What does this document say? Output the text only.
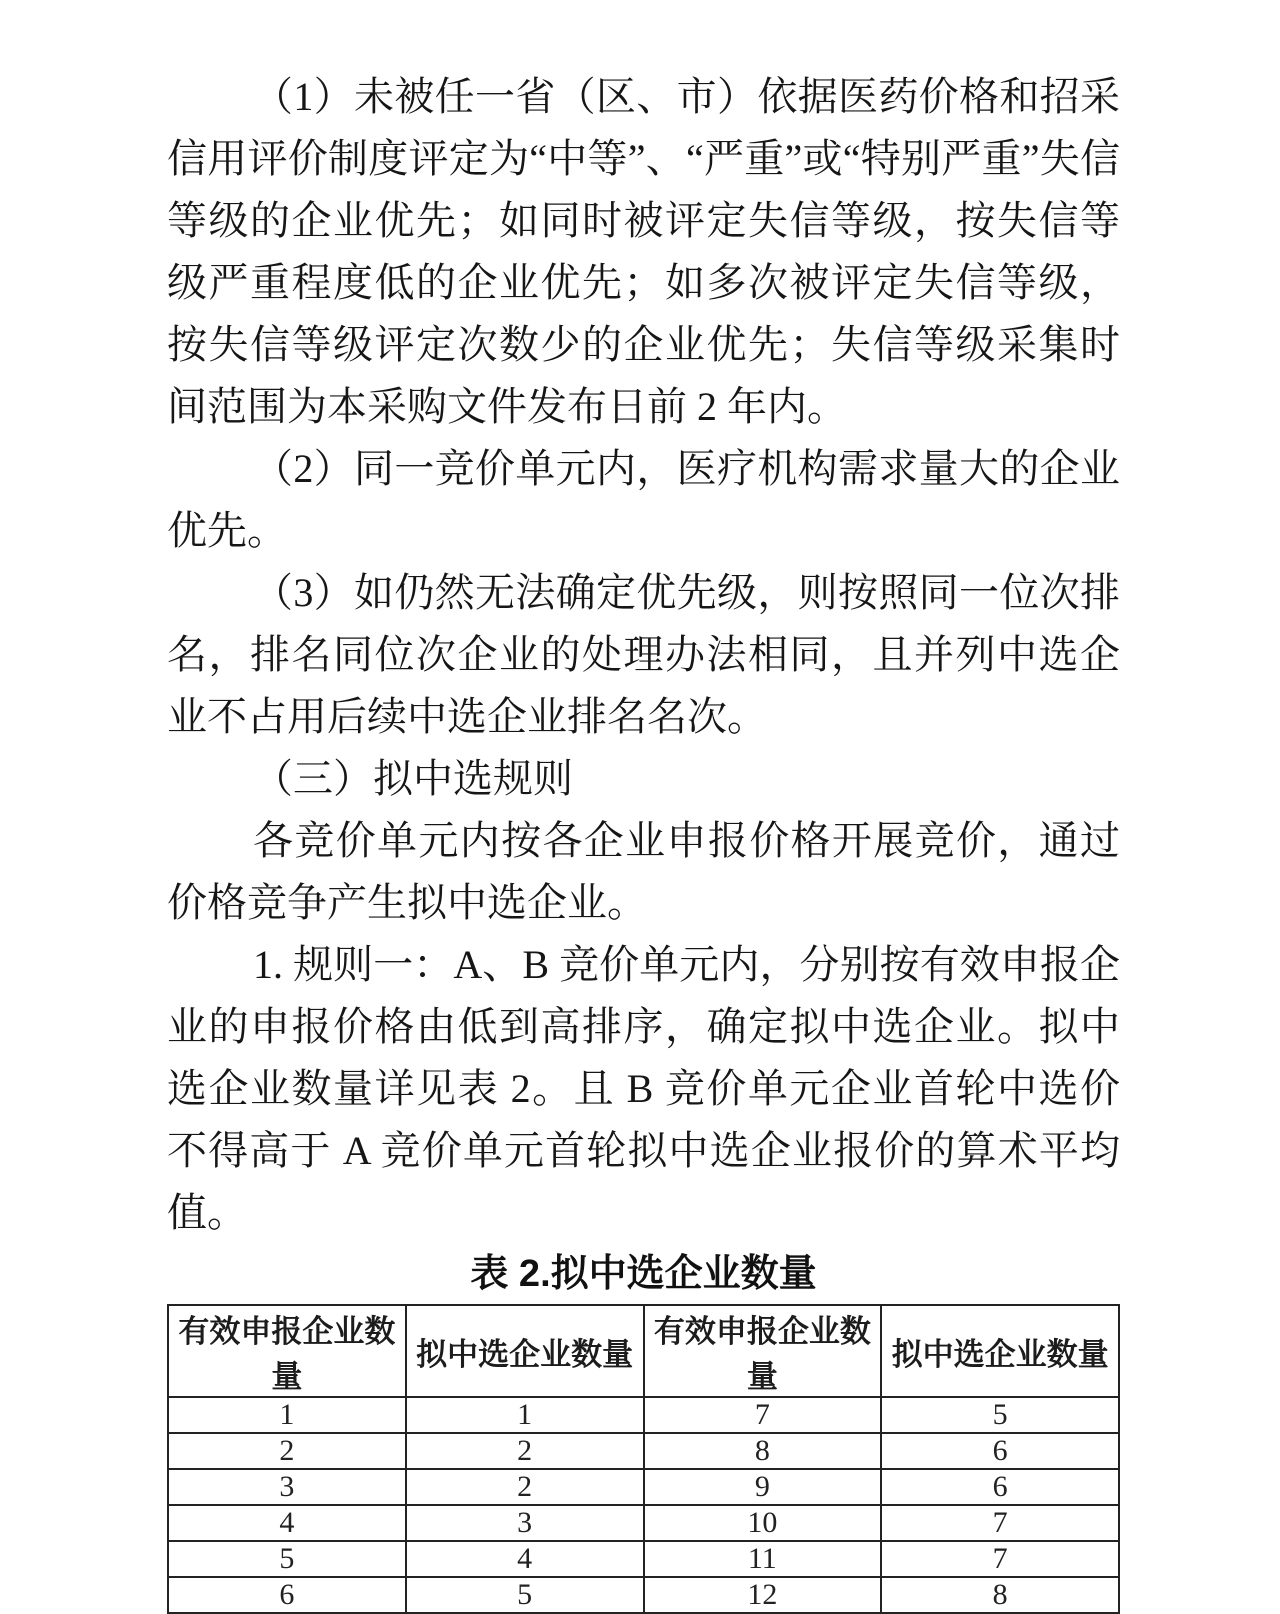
（1）未被任一省（区、市）依据医药价格和招采信用评价制度评定为“中等”、“严重”或“特别严重”失信等级的企业优先；如同时被评定失信等级，按失信等级严重程度低的企业优先；如多次被评定失信等级，按失信等级评定次数少的企业优先；失信等级采集时间范围为本采购文件发布日前 2 年内。

（2）同一竞价单元内，医疗机构需求量大的企业优先。

（3）如仍然无法确定优先级，则按照同一位次排名，排名同位次企业的处理办法相同，且并列中选企业不占用后续中选企业排名名次。

（三）拟中选规则

各竞价单元内按各企业申报价格开展竞价，通过价格竞争产生拟中选企业。

1. 规则一：A、B 竞价单元内，分别按有效申报企业的申报价格由低到高排序，确定拟中选企业。拟中选企业数量详见表 2。且 B 竞价单元企业首轮中选价不得高于 A 竞价单元首轮拟中选企业报价的算术平均值。

表 2.拟中选企业数量
有效申报企业数量	拟中选企业数量	有效申报企业数量	拟中选企业数量
1	1	7	5
2	2	8	6
3	2	9	6
4	3	10	7
5	4	11	7
6	5	12	8
